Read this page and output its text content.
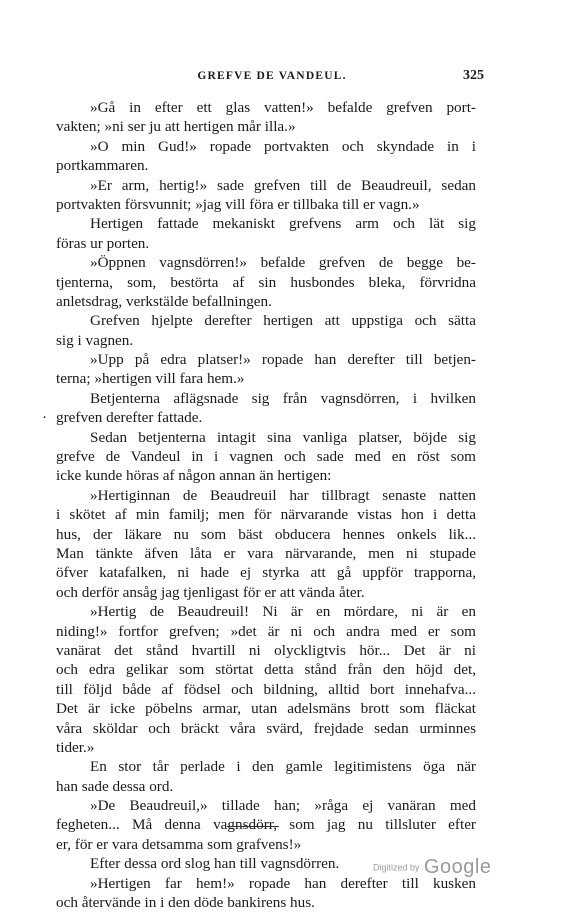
GREFVE DE VANDEUL.	325
»Gå in efter ett glas vatten!» befalde grefven port-
vakten; »ni ser ju att hertigen mår illa.»
»O min Gud!» ropade portvakten och skyndade in i
portkammaren.
»Er arm, hertig!» sade grefven till de Beaudreuil, sedan
portvakten försvunnit; »jag vill föra er tillbaka till er vagn.»
Hertigen fattade mekaniskt grefvens arm och lät sig
föras ur porten.
»Öppnen vagnsdörren!» befalde grefven de begge be-
tjenterna, som, bestörta af sin husbondes bleka, förvridna
anletsdrag, verkstälde befallningen.
Grefven hjelpte derefter hertigen att uppstiga och sätta
sig i vagnen.
»Upp på edra platser!» ropade han derefter till betjen-
terna; »hertigen vill fara hem.»
Betjenterna aflägsnade sig från vagnsdörren, i hvilken
grefven derefter fattade.
·
Sedan betjenterna intagit sina vanliga platser, böjde sig
grefve de Vandeul in i vagnen och sade med en röst som
icke kunde höras af någon annan än hertigen:
»Hertiginnan de Beaudreuil har tillbragt senaste natten
i skötet af min familj; men för närvarande vistas hon i detta
hus, der läkare nu som bäst obducera hennes onkels lik...
Man tänkte äfven låta er vara närvarande, men ni stupade
öfver katafalken, ni hade ej styrka att gå uppför trapporna,
och derför ansåg jag tjenligast för er att vända åter.
»Hertig de Beaudreuil! Ni är en mördare, ni är en
niding!» fortfor grefven; »det är ni och andra med er som
vanärat det stånd hvartill ni olyckligtvis hör... Det är ni
och edra gelikar som störtat detta stånd från den höjd det,
till följd både af födsel och bildning, alltid bort innehafva...
Det är icke pöbelns armar, utan adelsmäns brott som fläckat
våra sköldar och bräckt våra svärd, frejdade sedan urminnes
tider.»
En stor tår perlade i den gamle legitimistens öga när
han sade dessa ord.
»De Beaudreuil,» tillade han; »råga ej vanäran med
fegheten... Må denna vagnsdörr, som jag nu tillsluter efter
er, för er vara detsamma som grafvens!»
Efter dessa ord slog han till vagnsdörren.
»Hertigen far hem!» ropade han derefter till kusken
och återvände in i den döde bankirens hus.
Digitized by Google
